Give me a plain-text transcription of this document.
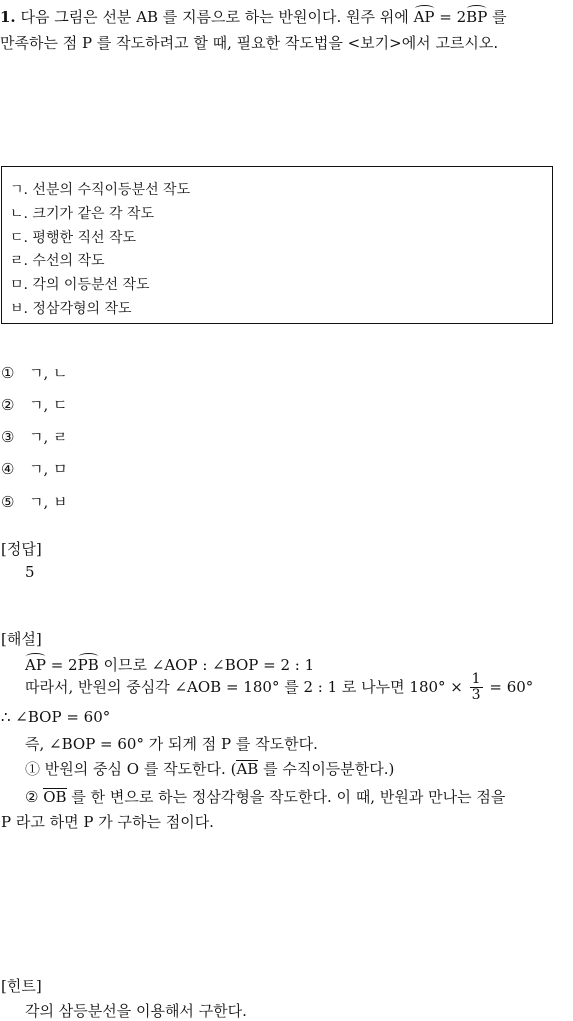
1. 다음 그림은 선분 AB 를 지름으로 하는 반원이다. 원주 위에 AP = 2BP 를
만족하는 점 P 를 작도하려고 할 때, 필요한 작도법을 <보기>에서 고르시오.
ㄱ. 선분의 수직이등분선 작도
ㄴ. 크기가 같은 각 작도
ㄷ. 평행한 직선 작도
ㄹ. 수선의 작도
ㅁ. 각의 이등분선 작도
ㅂ. 정삼각형의 작도
① ㄱ, ㄴ
② ㄱ, ㄷ
③ ㄱ, ㄹ
④ ㄱ, ㅁ
⑤ ㄱ, ㅂ
[정답]
5
[해설]
AP = 2PB 이므로 ∠AOP : ∠BOP = 2 : 1
따라서, 반원의 중심각 ∠AOB = 180° 를 2 : 1 로 나누면 $180^\circ \times \frac{1}{3} = 60^\circ$
∴ ∠BOP = 60°
즉, ∠BOP = 60° 가 되게 점 P 를 작도한다.
① 반원의 중심 O 를 작도한다. (AB 를 수직이등분한다.)
② OB 를 한 변으로 하는 정삼각형을 작도한다. 이 때, 반원과 만나는 점을
P 라고 하면 P 가 구하는 점이다.
[힌트]
각의 삼등분선을 이용해서 구한다.
